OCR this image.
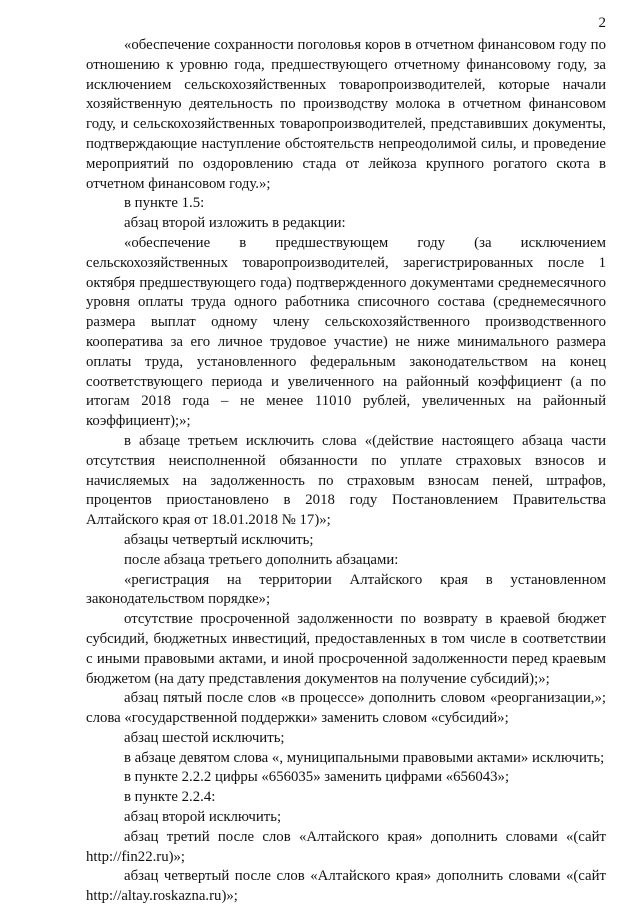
2

«обеспечение сохранности поголовья коров в отчетном финансовом году по отношению к уровню года, предшествующего отчетному финансовому году, за исключением сельскохозяйственных товаропроизводителей, которые начали хозяйственную деятельность по производству молока в отчетном финансовом году, и сельскохозяйственных товаропроизводителей, представивших документы, подтверждающие наступление обстоятельств непреодолимой силы, и проведение мероприятий по оздоровлению стада от лейкоза крупного рогатого скота в отчетном финансовом году.»;

в пункте 1.5:

абзац второй изложить в редакции:

«обеспечение в предшествующем году (за исключением сельскохозяйственных товаропроизводителей, зарегистрированных после 1 октября предшествующего года) подтвержденного документами среднемесячного уровня оплаты труда одного работника списочного состава (среднемесячного размера выплат одному члену сельскохозяйственного производственного кооператива за его личное трудовое участие) не ниже минимального размера оплаты труда, установленного федеральным законодательством на конец соответствующего периода и увеличенного на районный коэффициент (а по итогам 2018 года – не менее 11010 рублей, увеличенных на районный коэффициент);»;

в абзаце третьем исключить слова «(действие настоящего абзаца части отсутствия неисполненной обязанности по уплате страховых взносов и начисляемых на задолженность по страховым взносам пеней, штрафов, процентов приостановлено в 2018 году Постановлением Правительства Алтайского края от 18.01.2018 № 17)»;

абзацы четвертый исключить;

после абзаца третьего дополнить абзацами:

«регистрация на территории Алтайского края в установленном законодательством порядке»;

отсутствие просроченной задолженности по возврату в краевой бюджет субсидий, бюджетных инвестиций, предоставленных в том числе в соответствии с иными правовыми актами, и иной просроченной задолженности перед краевым бюджетом (на дату представления документов на получение субсидий);»;

абзац пятый после слов «в процессе» дополнить словом «реорганизации,»; слова «государственной поддержки» заменить словом «субсидий»;

абзац шестой исключить;

в абзаце девятом слова «, муниципальными правовыми актами» исключить;

в пункте 2.2.2 цифры «656035» заменить цифрами «656043»;

в пункте 2.2.4:

абзац второй исключить;

абзац третий после слов «Алтайского края» дополнить словами «(сайт http://fin22.ru)»;

абзац четвертый после слов «Алтайского края» дополнить словами «(сайт http://altay.roskazna.ru)»;
